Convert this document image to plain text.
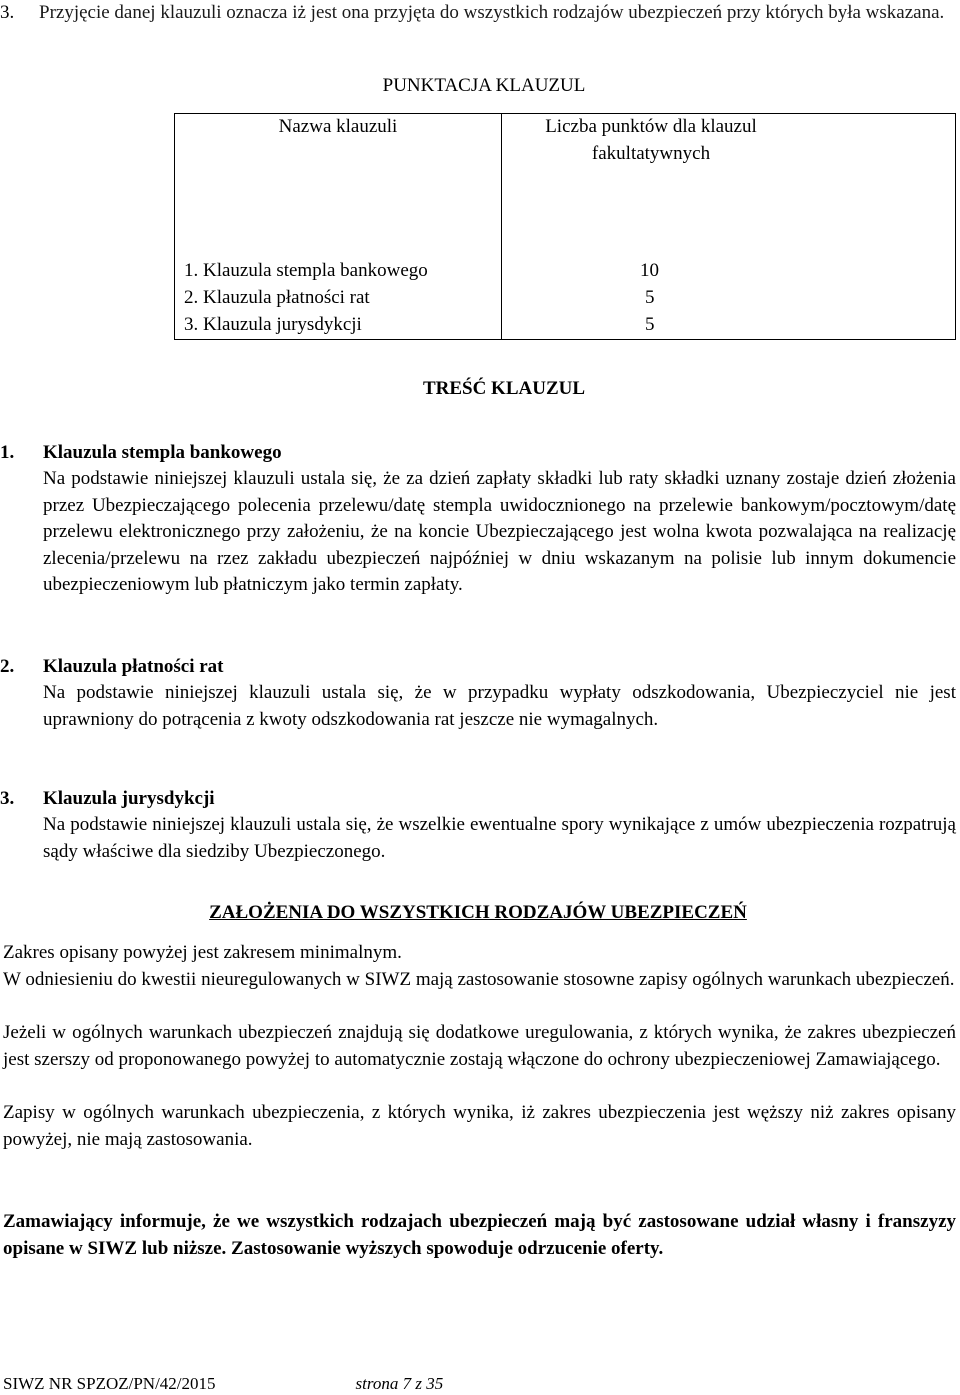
3. Przyjęcie danej klauzuli oznacza iż jest ona przyjęta do wszystkich rodzajów ubezpieczeń przy których była wskazana.
PUNKTACJA KLAUZUL
Nazwa klauzuli	Liczba punktów dla klauzul fakultatywnych
1. Klauzula stempla bankowego	10
2. Klauzula płatności rat	5
3. Klauzula jurysdykcji	5
TREŚĆ KLAUZUL
1. Klauzula stempla bankowego
Na podstawie niniejszej klauzuli ustala się, że za dzień zapłaty składki lub raty składki uznany zostaje dzień złożenia przez Ubezpieczającego polecenia przelewu/datę stempla uwidocznionego na przelewie bankowym/pocztowym/datę przelewu elektronicznego przy założeniu, że na koncie Ubezpieczającego jest wolna kwota pozwalająca na realizację zlecenia/przelewu na rzez zakładu ubezpieczeń najpóźniej w dniu wskazanym na polisie lub innym dokumencie ubezpieczeniowym lub płatniczym jako termin zapłaty.
2. Klauzula płatności rat
Na podstawie niniejszej klauzuli ustala się, że w przypadku wypłaty odszkodowania, Ubezpieczyciel nie jest uprawniony do potrącenia z kwoty odszkodowania rat jeszcze nie wymagalnych.
3. Klauzula jurysdykcji
Na podstawie niniejszej klauzuli ustala się, że wszelkie ewentualne spory wynikające z umów ubezpieczenia rozpatrują sądy właściwe dla siedziby Ubezpieczonego.
ZAŁOŻENIA DO WSZYSTKICH RODZAJÓW UBEZPIECZEŃ
Zakres opisany powyżej jest zakresem minimalnym.
W odniesieniu do kwestii nieuregulowanych w SIWZ mają zastosowanie stosowne zapisy ogólnych warunkach ubezpieczeń.
Jeżeli w ogólnych warunkach ubezpieczeń znajdują się dodatkowe uregulowania, z których wynika, że zakres ubezpieczeń jest szerszy od proponowanego powyżej to automatycznie zostają włączone do ochrony ubezpieczeniowej Zamawiającego.
Zapisy w ogólnych warunkach ubezpieczenia, z których wynika, iż zakres ubezpieczenia jest węższy niż zakres opisany powyżej, nie mają zastosowania.
Zamawiający informuje, że we wszystkich rodzajach ubezpieczeń mają być zastosowane udział własny i franszyzy opisane w SIWZ lub niższe. Zastosowanie wyższych spowoduje odrzucenie oferty.
SIWZ NR SPZOZ/PN/42/2015	strona 7 z 35
